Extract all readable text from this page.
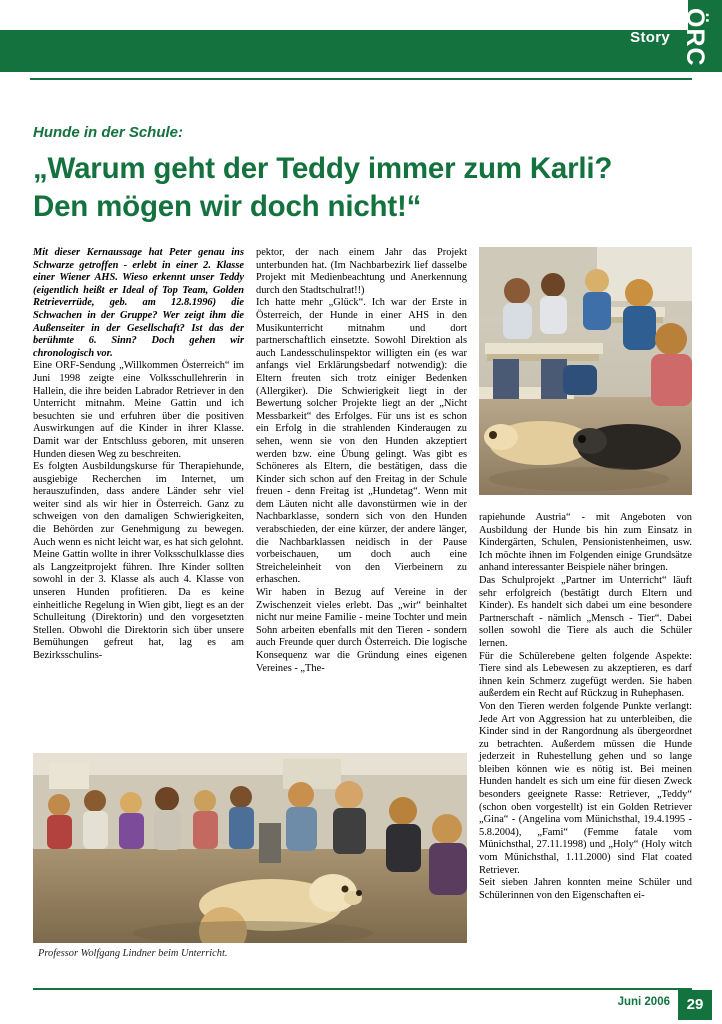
Story ÖRC
Hunde in der Schule:
„Warum geht der Teddy immer zum Karli?
Den mögen wir doch nicht!“

Mit dieser Kernaussage hat Peter genau ins Schwarze getroffen - erlebt in einer 2. Klasse einer Wiener AHS. Wieso erkennt unser Teddy (eigentlich heißt er Ideal of Top Team, Golden Retrieverrüde, geb. am 12.8.1996) die Schwachen in der Gruppe? Wer zeigt ihm die Außenseiter in der Gesellschaft? Ist das der berühmte 6. Sinn? Doch gehen wir chronologisch vor.

Eine ORF-Sendung „Willkommen Österreich“ im Juni 1998 zeigte eine Volksschullehrerin in Hallein, die ihre beiden Labrador Retriever in den Unterricht mitnahm. Meine Gattin und ich besuchten sie und erfuhren über die positiven Auswirkungen auf die Kinder in ihrer Klasse. Damit war der Entschluss geboren, mit unseren Hunden diesen Weg zu beschreiten.

Es folgten Ausbildungskurse für Therapiehunde, ausgiebige Recherchen im Internet, um herauszufinden, dass andere Länder sehr viel weiter sind als wir hier in Österreich. Ganz zu schweigen von den damaligen Schwierigkeiten, die Behörden zur Genehmigung zu bewegen. Auch wenn es nicht leicht war, es hat sich gelohnt.

Meine Gattin wollte in ihrer Volksschulklasse dies als Langzeitprojekt führen. Ihre Kinder sollten sowohl in der 3. Klasse als auch 4. Klasse von unseren Hunden profitieren. Da es keine einheitliche Regelung in Wien gibt, liegt es an der Schulleitung (Direktorin) und den vorgesetzten Stellen. Obwohl die Direktorin sich über unsere Bemühungen gefreut hat, lag es am Bezirksschulins-

pektor, der nach einem Jahr das Projekt unterbunden hat. (Im Nachbarbezirk lief dasselbe Projekt mit Medienbeachtung und Anerkennung durch den Stadtschulrat!!)

Ich hatte mehr „Glück“. Ich war der Erste in Österreich, der Hunde in einer AHS in den Musikunterricht mitnahm und dort partnerschaftlich einsetzte. Sowohl Direktion als auch Landesschulinspektor willigten ein (es war anfangs viel Erklärungsbedarf notwendig): die Eltern freuten sich trotz einiger Bedenken (Allergiker). Die Schwierigkeit liegt in der Bewertung solcher Projekte liegt an der „Nicht Messbarkeit“ des Erfolges. Für uns ist es schon ein Erfolg in die strahlenden Kinderaugen zu sehen, wenn sie von den Hunden akzeptiert werden bzw. eine Übung gelingt. Was gibt es Schöneres als Eltern, die bestätigen, dass die Kinder sich schon auf den Freitag in der Schule freuen - denn Freitag ist „Hundetag“. Wenn mit dem Läuten nicht alle davonstürmen wie in der Nachbarklasse, sondern sich von den Hunden verabschieden, der eine kürzer, der andere länger, die Nachbarklassen neidisch in der Pause vorbeischauen, um doch auch eine Streicheleinheit von den Vierbeinern zu erhaschen.

Wir haben in Bezug auf Vereine in der Zwischenzeit vieles erlebt. Das „wir“ beinhaltet nicht nur meine Familie - meine Tochter und mein Sohn arbeiten ebenfalls mit den Tieren - sondern auch Freunde quer durch Österreich. Die logische Konsequenz war die Gründung eines eigenen Vereines - „The-

rapiehunde Austria“ - mit Angeboten von Ausbildung der Hunde bis hin zum Einsatz in Kindergärten, Schulen, Pensionistenheimen, usw. Ich möchte ihnen im Folgenden einige Grundsätze anhand interessanter Beispiele näher bringen.

Das Schulprojekt „Partner im Unterricht“ läuft sehr erfolgreich (bestätigt durch Eltern und Kinder). Es handelt sich dabei um eine besondere Partnerschaft - nämlich „Mensch - Tier“. Dabei sollen sowohl die Tiere als auch die Schüler lernen.

Für die Schülerebene gelten folgende Aspekte: Tiere sind als Lebewesen zu akzeptieren, es darf ihnen kein Schmerz zugefügt werden. Sie haben außerdem ein Recht auf Rückzug in Ruhephasen.

Von den Tieren werden folgende Punkte verlangt: Jede Art von Aggression hat zu unterbleiben, die Kinder sind in der Rangordnung als übergeordnet zu betrachten. Außerdem müssen die Hunde jederzeit in Ruhestellung gehen und so lange bleiben können wie es nötig ist. Bei meinen Hunden handelt es sich um eine für diesen Zweck besonders geeignete Rasse: Retriever, „Teddy“ (schon oben vorgestellt) ist ein Golden Retriever „Gina“ - (Angelina vom Münichsthal, 19.4.1995 - 5.8.2004), „Fami“ (Femme fatale vom Münichsthal, 27.11.1998) und „Holy“ (Holy witch vom Münichsthal, 1.11.2000) sind Flat coated Retriever.

Seit sieben Jahren konnten meine Schüler und Schülerinnen von den Eigenschaften ei-

Professor Wolfgang Lindner beim Unterricht.
Juni 2006	29
